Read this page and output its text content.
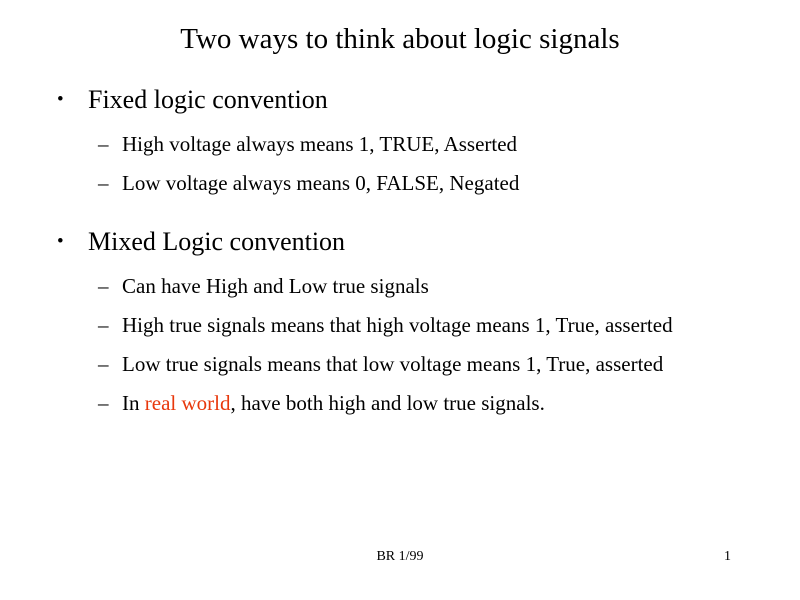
Two ways to think about logic signals
• Fixed logic convention
– High voltage always means 1, TRUE, Asserted
– Low voltage always means 0, FALSE, Negated
• Mixed Logic convention
– Can have High and Low true signals
– High true signals means that high voltage means 1, True, asserted
– Low true signals means that low voltage means 1, True, asserted
– In real world, have both high and low true signals.
BR 1/99	1
